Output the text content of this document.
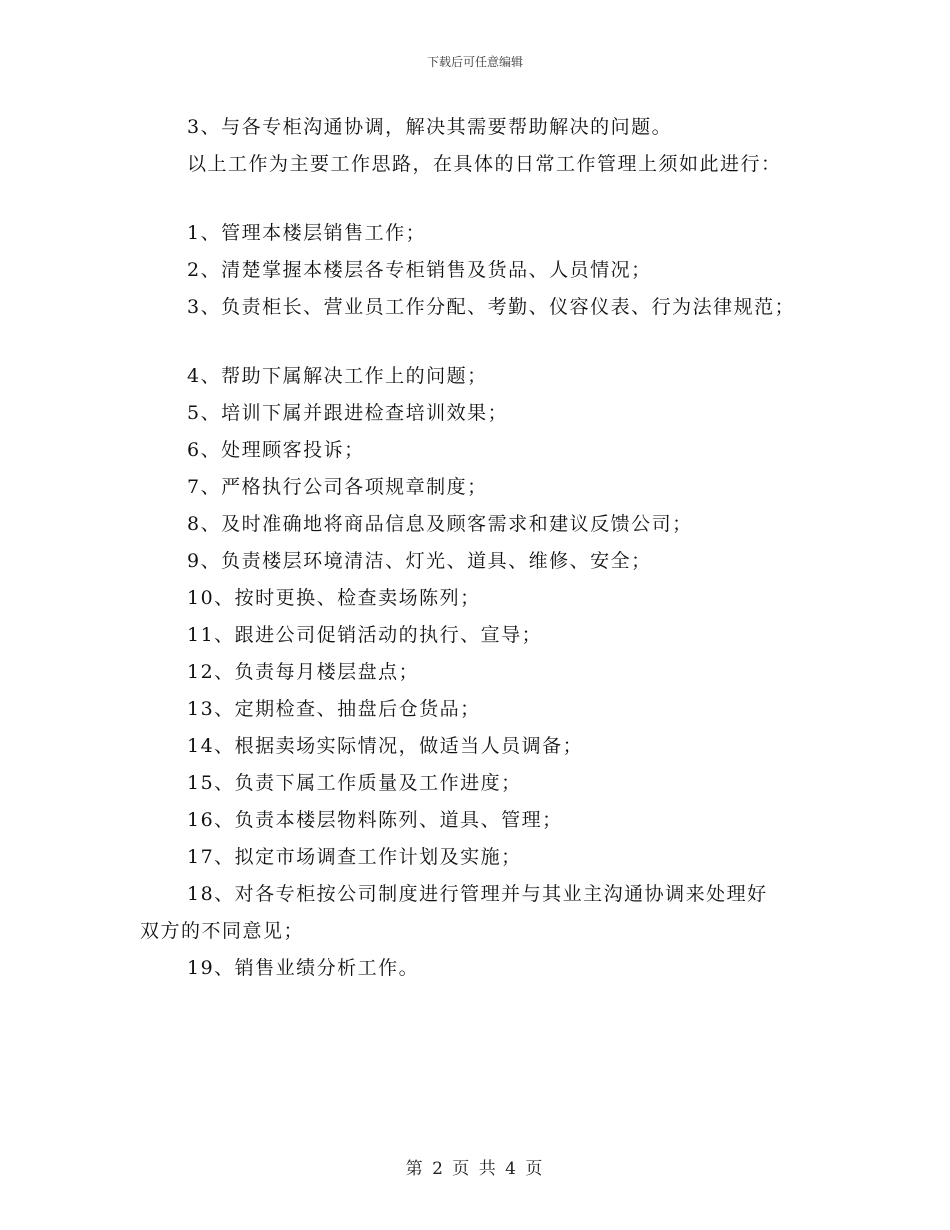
下载后可任意编辑
3、与各专柜沟通协调，解决其需要帮助解决的问题。
以上工作为主要工作思路，在具体的日常工作管理上须如此进行：
1、管理本楼层销售工作；
2、清楚掌握本楼层各专柜销售及货品、人员情况；
3、负责柜长、营业员工作分配、考勤、仪容仪表、行为法律规范；
4、帮助下属解决工作上的问题；
5、培训下属并跟进检查培训效果；
6、处理顾客投诉；
7、严格执行公司各项规章制度；
8、及时准确地将商品信息及顾客需求和建议反馈公司；
9、负责楼层环境清洁、灯光、道具、维修、安全；
10、按时更换、检查卖场陈列；
11、跟进公司促销活动的执行、宣导；
12、负责每月楼层盘点；
13、定期检查、抽盘后仓货品；
14、根据卖场实际情况，做适当人员调备；
15、负责下属工作质量及工作进度；
16、负责本楼层物料陈列、道具、管理；
17、拟定市场调查工作计划及实施；
18、对各专柜按公司制度进行管理并与其业主沟通协调来处理好
双方的不同意见；
19、销售业绩分析工作。
第 2 页 共 4 页
